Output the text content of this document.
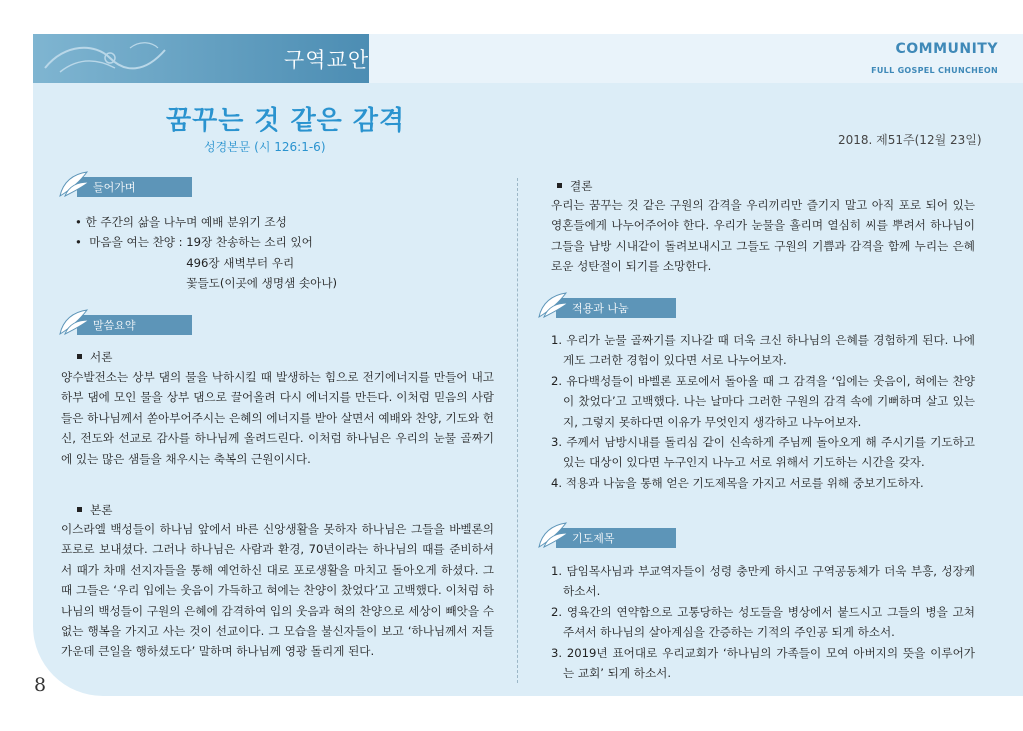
구역교안	COMMUNITY
FULL GOSPEL CHUNCHEON
꿈꾸는 것 같은 감격
성경본문 (시 126:1-6)	2018. 제51주(12월 23일)
들어가며
• 한 주간의 삶을 나누며 예배 분위기 조성
•  마음을 여는 찬양 : 19장 찬송하는 소리 있어
496장 새벽부터 우리
꽃들도(이곳에 생명샘 솟아나)
말씀요약
서론
양수발전소는 상부 댐의 물을 낙하시킬 때 발생하는 힘으로 전기에너지를 만들어 내고 하부 댐에 모인 물을 상부 댐으로 끌어올려 다시 에너지를 만든다. 이처럼 믿음의 사람들은 하나님께서 쏟아부어주시는 은혜의 에너지를 받아 살면서 예배와 찬양, 기도와 헌신, 전도와 선교로 감사를 하나님께 올려드린다. 이처럼 하나님은 우리의 눈물 골짜기에 있는 많은 샘들을 채우시는 축복의 근원이시다.
본론
이스라엘 백성들이 하나님 앞에서 바른 신앙생활을 못하자 하나님은 그들을 바벨론의 포로로 보내셨다. 그러나 하나님은 사람과 환경, 70년이라는 하나님의 때를 준비하셔서 때가 차매 선지자들을 통해 예언하신 대로 포로생활을 마치고 돌아오게 하셨다. 그때 그들은 ‘우리 입에는 웃음이 가득하고 혀에는 찬양이 찼었다’고 고백했다. 이처럼 하나님의 백성들이 구원의 은혜에 감격하여 입의 웃음과 혀의 찬양으로 세상이 빼앗을 수 없는 행복을 가지고 사는 것이 선교이다. 그 모습을 불신자들이 보고 ‘하나님께서 저들 가운데 큰일을 행하셨도다’ 말하며 하나님께 영광 돌리게 된다.
결론
우리는 꿈꾸는 것 같은 구원의 감격을 우리끼리만 즐기지 말고 아직 포로 되어 있는 영혼들에게 나누어주어야 한다. 우리가 눈물을 흘리며 열심히 씨를 뿌려서 하나님이 그들을 남방 시내같이 돌려보내시고 그들도 구원의 기쁨과 감격을 함께 누리는 은혜로운 성탄절이 되기를 소망한다.
적용과 나눔
1. 우리가 눈물 골짜기를 지나갈 때 더욱 크신 하나님의 은혜를 경험하게 된다. 나에게도 그러한 경험이 있다면 서로 나누어보자.
2. 유다백성들이 바벨론 포로에서 돌아올 때 그 감격을 ‘입에는 웃음이, 혀에는 찬양이 찼었다’고 고백했다. 나는 날마다 그러한 구원의 감격 속에 기뻐하며 살고 있는지, 그렇지 못하다면 이유가 무엇인지 생각하고 나누어보자.
3. 주께서 남방시내를 돌리심 같이 신속하게 주님께 돌아오게 해 주시기를 기도하고 있는 대상이 있다면 누구인지 나누고 서로 위해서 기도하는 시간을 갖자.
4. 적용과 나눔을 통해 얻은 기도제목을 가지고 서로를 위해 중보기도하자.
기도제목
1. 담임목사님과 부교역자들이 성령 충만케 하시고 구역공동체가 더욱 부흥, 성장케 하소서.
2. 영육간의 연약함으로 고통당하는 성도들을 병상에서 붙드시고 그들의 병을 고쳐주셔서 하나님의 살아계심을 간증하는 기적의 주인공 되게 하소서.
3. 2019년 표어대로 우리교회가 ‘하나님의 가족들이 모여 아버지의 뜻을 이루어가는 교회’ 되게 하소서.
8
